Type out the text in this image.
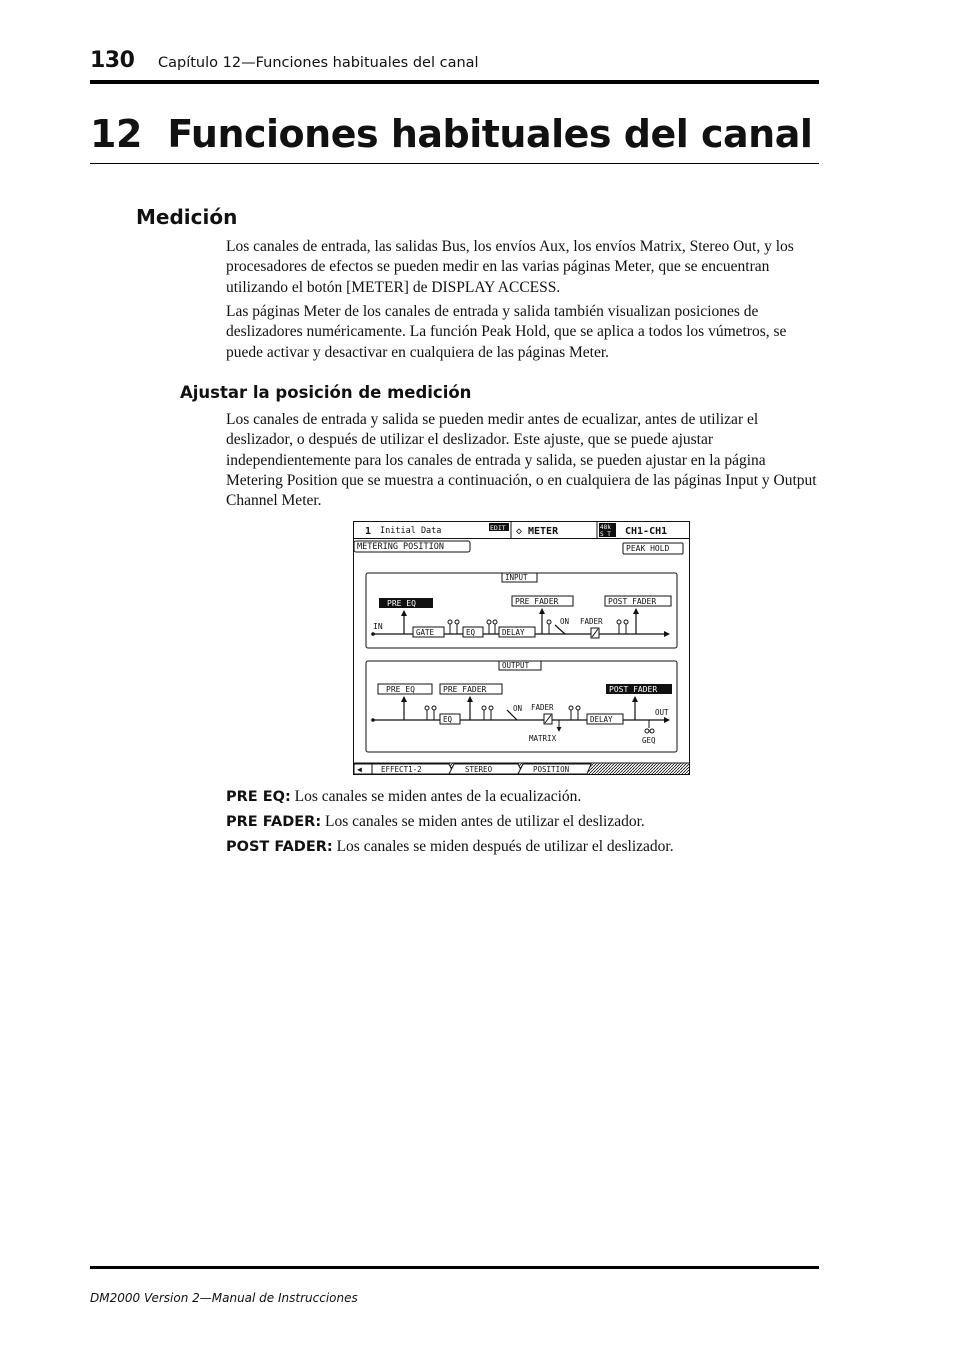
130 Capítulo 12—Funciones habituales del canal
12  Funciones habituales del canal
Medición

Los canales de entrada, las salidas Bus, los envíos Aux, los envíos Matrix, Stereo Out, y los procesadores de efectos se pueden medir en las varias páginas Meter, que se encuentran utilizando el botón [METER] de DISPLAY ACCESS.

Las páginas Meter de los canales de entrada y salida también visualizan posiciones de deslizadores numéricamente. La función Peak Hold, que se aplica a todos los vúmetros, se puede activar y desactivar en cualquiera de las páginas Meter.

Ajustar la posición de medición

Los canales de entrada y salida se pueden medir antes de ecualizar, antes de utilizar el deslizador, o después de utilizar el deslizador. Este ajuste, que se puede ajustar independientemente para los canales de entrada y salida, se pueden ajustar en la página Metering Position que se muestra a continuación, o en cualquiera de las páginas Input y Output Channel Meter.

1 Initial Data	EDIT ◇ METER	48k
S T CH1-CH1
METERING POSITION	PEAK HOLD
INPUT
PRE EQ	PRE FADER	POST FADER
IN
GATE	EQ	DELAY
ON FADER
OUTPUT
PRE EQ	PRE FADER	POST FADER
EQ
ON FADER
MATRIX
DELAY
OUT
GEQ
◀	EFFECT1-2	STEREO	POSITION
PRE EQ: Los canales se miden antes de la ecualización.
PRE FADER: Los canales se miden antes de utilizar el deslizador.
POST FADER: Los canales se miden después de utilizar el deslizador.
DM2000 Version 2—Manual de Instrucciones
